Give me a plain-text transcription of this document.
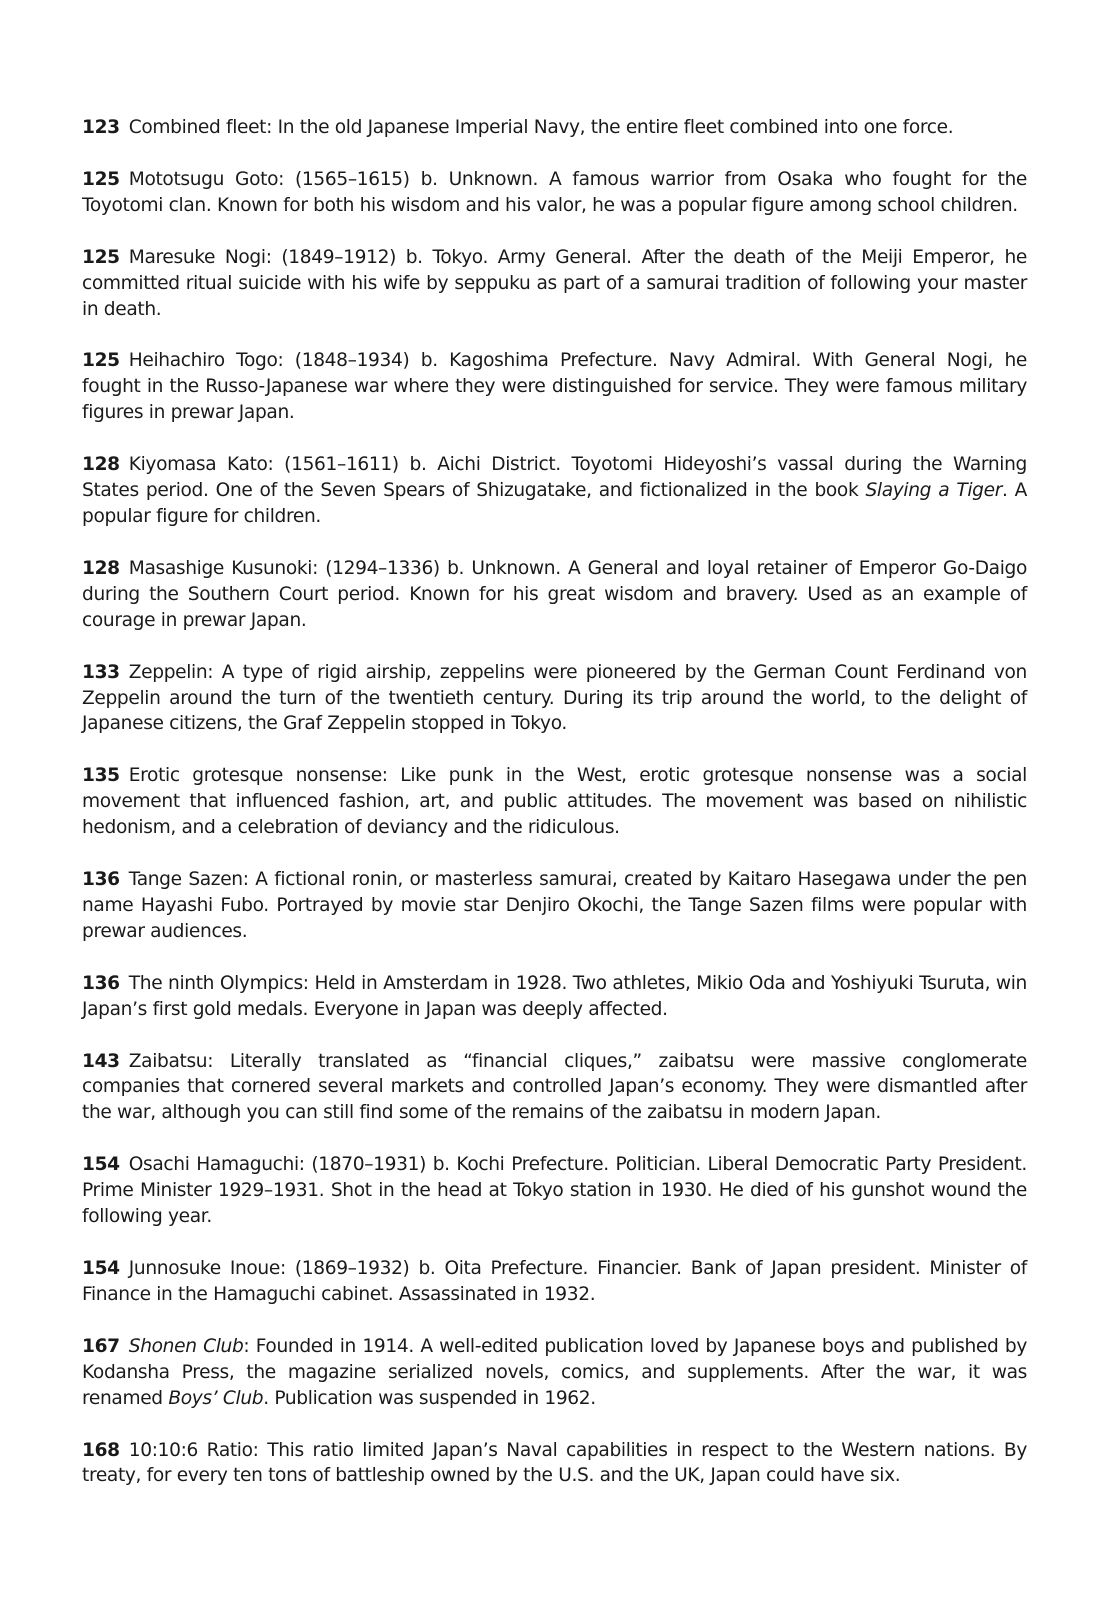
123 Combined fleet: In the old Japanese Imperial Navy, the entire fleet combined into one force.

125 Mototsugu Goto: (1565–1615) b. Unknown. A famous warrior from Osaka who fought for the Toyotomi clan. Known for both his wisdom and his valor, he was a popular figure among school children.

125 Maresuke Nogi: (1849–1912) b. Tokyo. Army General. After the death of the Meiji Emperor, he committed ritual suicide with his wife by seppuku as part of a samurai tradition of following your master in death.

125 Heihachiro Togo: (1848–1934) b. Kagoshima Prefecture. Navy Admiral. With General Nogi, he fought in the Russo-Japanese war where they were distinguished for service. They were famous military figures in prewar Japan.

128 Kiyomasa Kato: (1561–1611) b. Aichi District. Toyotomi Hideyoshi’s vassal during the Warning States period. One of the Seven Spears of Shizugatake, and fictionalized in the book Slaying a Tiger. A popular figure for children.

128 Masashige Kusunoki: (1294–1336) b. Unknown. A General and loyal retainer of Emperor Go-Daigo during the Southern Court period. Known for his great wisdom and bravery. Used as an example of courage in prewar Japan.

133 Zeppelin: A type of rigid airship, zeppelins were pioneered by the German Count Ferdinand von Zeppelin around the turn of the twentieth century. During its trip around the world, to the delight of Japanese citizens, the Graf Zeppelin stopped in Tokyo.

135 Erotic grotesque nonsense: Like punk in the West, erotic grotesque nonsense was a social movement that influenced fashion, art, and public attitudes. The movement was based on nihilistic hedonism, and a celebration of deviancy and the ridiculous.

136 Tange Sazen: A fictional ronin, or masterless samurai, created by Kaitaro Hasegawa under the pen name Hayashi Fubo. Portrayed by movie star Denjiro Okochi, the Tange Sazen films were popular with prewar audiences.

136 The ninth Olympics: Held in Amsterdam in 1928. Two athletes, Mikio Oda and Yoshiyuki Tsuruta, win Japan’s first gold medals. Everyone in Japan was deeply affected.

143 Zaibatsu: Literally translated as “financial cliques,” zaibatsu were massive conglomerate companies that cornered several markets and controlled Japan’s economy. They were dismantled after the war, although you can still find some of the remains of the zaibatsu in modern Japan.

154 Osachi Hamaguchi: (1870–1931) b. Kochi Prefecture. Politician. Liberal Democratic Party President. Prime Minister 1929–1931. Shot in the head at Tokyo station in 1930. He died of his gunshot wound the following year.

154 Junnosuke Inoue: (1869–1932) b. Oita Prefecture. Financier. Bank of Japan president. Minister of Finance in the Hamaguchi cabinet. Assassinated in 1932.

167 Shonen Club: Founded in 1914. A well-edited publication loved by Japanese boys and published by Kodansha Press, the magazine serialized novels, comics, and supplements. After the war, it was renamed Boys’ Club. Publication was suspended in 1962.

168 10:10:6 Ratio: This ratio limited Japan’s Naval capabilities in respect to the Western nations. By treaty, for every ten tons of battleship owned by the U.S. and the UK, Japan could have six.
